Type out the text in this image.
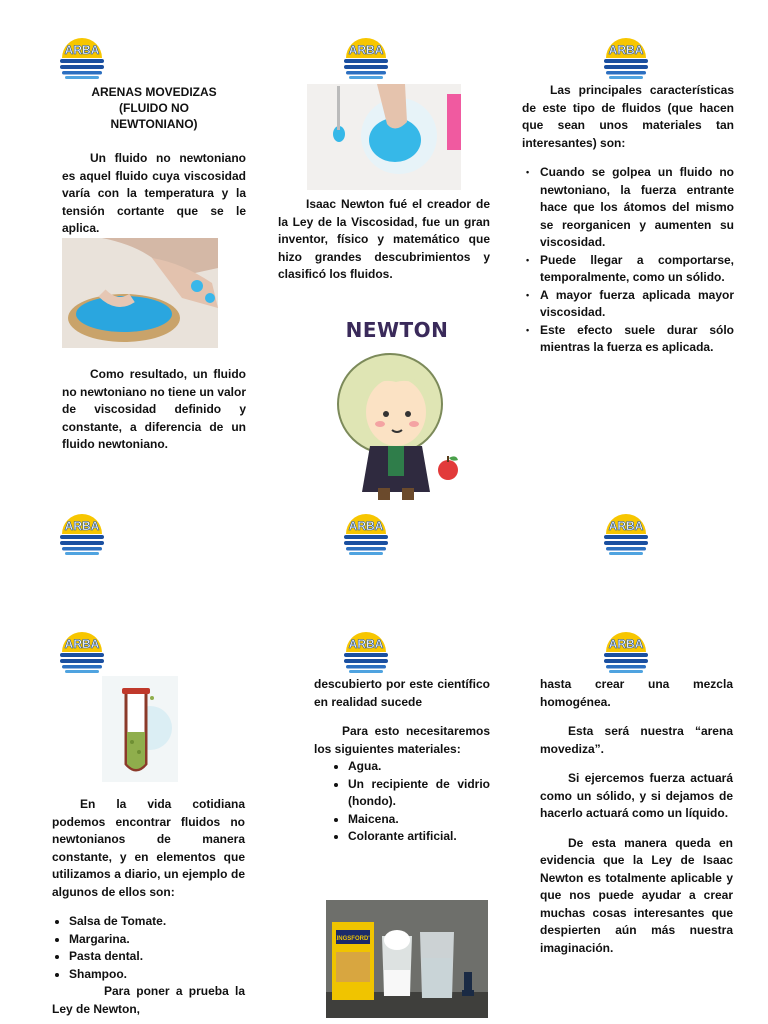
ARENAS MOVEDIZAS
(FLUIDO NO
NEWTONIANO)

Un fluido no newtoniano es aquel fluido cuya viscosidad varía con la temperatura y la tensión cortante que se le aplica.

Como resultado, un fluido no newtoniano no tiene un valor de viscosidad definido y constante, a diferencia de un fluido newtoniano.

Isaac Newton fué el creador de la Ley de la Viscosidad, fue un gran inventor, físico y matemático que hizo grandes descubrimientos y clasificó los fluidos.

NEWTON

Las principales características de este tipo de fluidos (que hacen que sean unos materiales tan interesantes) son:

• Cuando se golpea un fluido no newtoniano, la fuerza entrante hace que los átomos del mismo se reorganicen y aumenten su viscosidad.
• Puede llegar a comportarse, temporalmente, como un sólido.
• A mayor fuerza aplicada mayor viscosidad.
• Este efecto suele durar sólo mientras la fuerza es aplicada.

En la vida cotidiana podemos encontrar fluidos no newtonianos de manera constante, y en elementos que utilizamos a diario, un ejemplo de algunos de ellos son:

• Salsa de Tomate.
• Margarina.
• Pasta dental.
• Shampoo.

Para poner a prueba la Ley de Newton,

descubierto por este científico en realidad sucede

Para esto necesitaremos los siguientes materiales:

• Agua.
• Un recipiente de vidrio (hondo).
• Maicena.
• Colorante artificial.
KINGSFORD'S

hasta crear una mezcla homogénea.

Esta será nuestra “arena movediza”.

Si ejercemos fuerza actuará como un sólido, y si dejamos de hacerlo actuará como un líquido.

De esta manera queda en evidencia que la Ley de Isaac Newton es totalmente aplicable y que nos puede ayudar a crear muchas cosas interesantes que despierten aún más nuestra imaginación.
